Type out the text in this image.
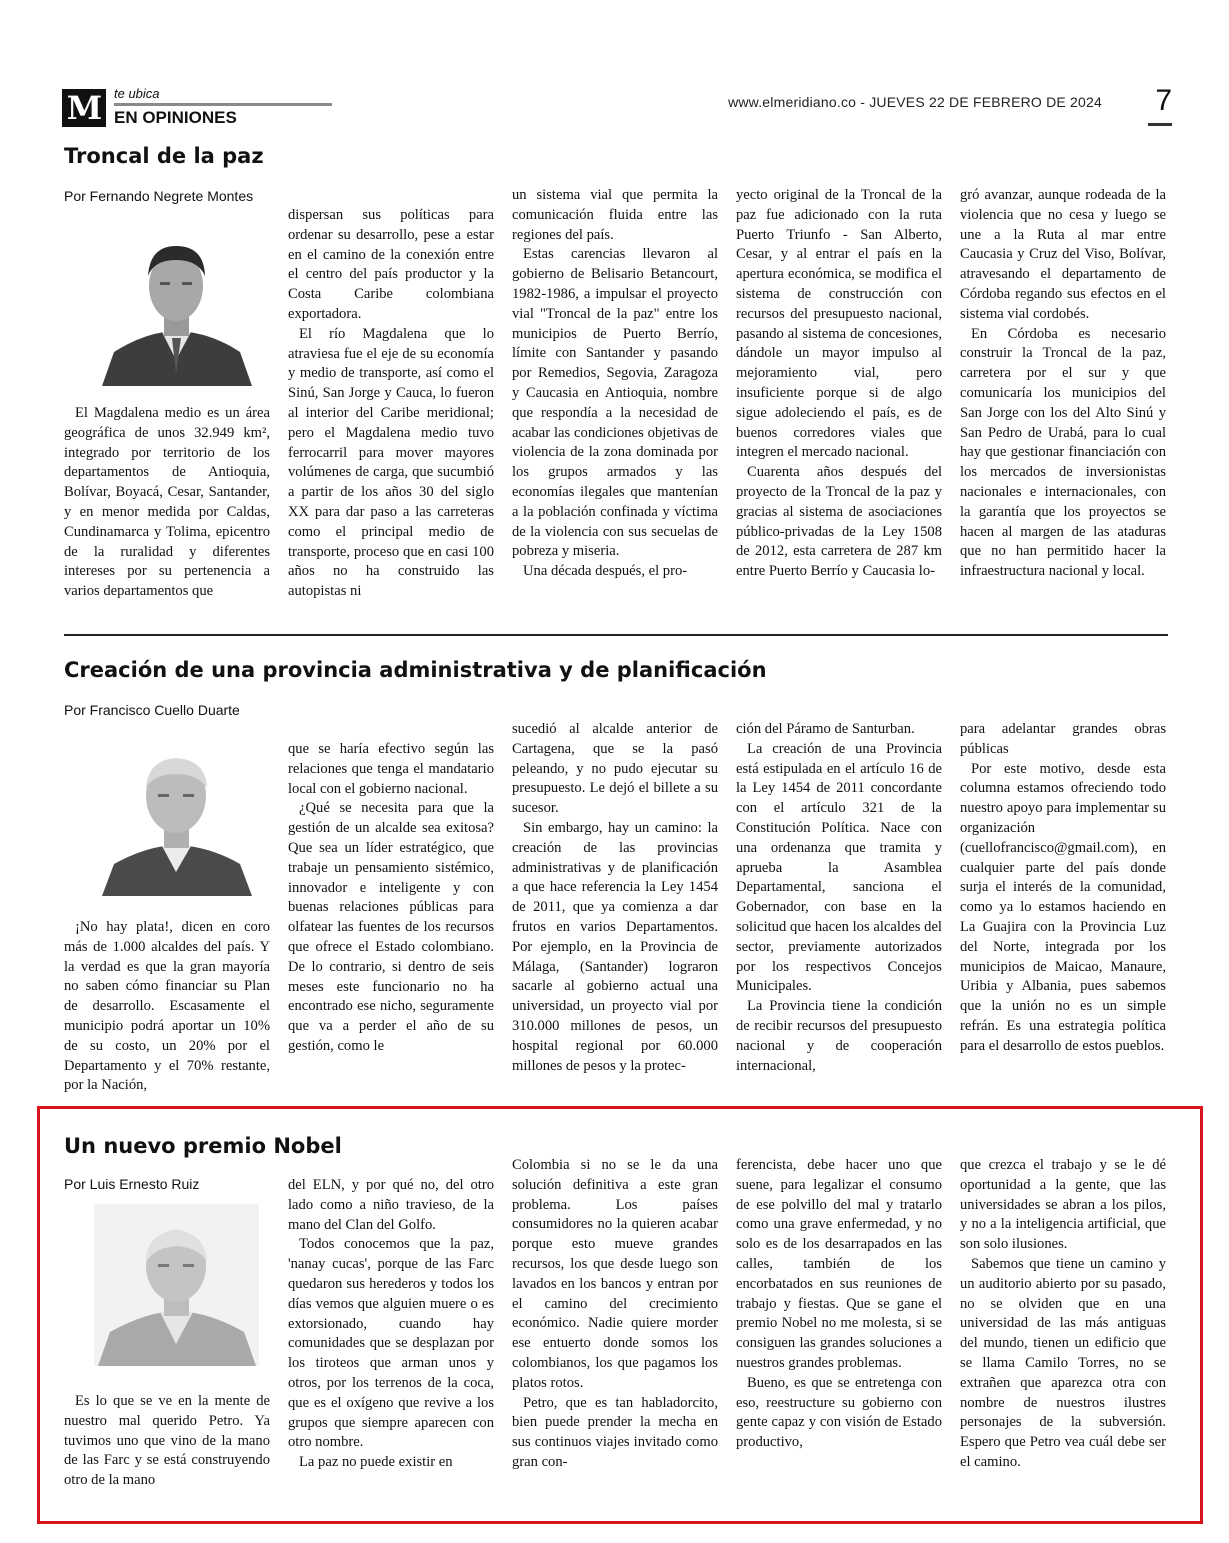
M te ubica
EN OPINIONES
www.elmeridiano.co - JUEVES 22 DE FEBRERO DE 2024 7
Troncal de la paz
Por Fernando Negrete Montes

El Magdalena medio es un área geográfica de unos 32.949 km², integrado por territorio de los departamentos de Antioquia, Bolívar, Boyacá, Cesar, Santander, y en menor medida por Caldas, Cundinamarca y Tolima, epicentro de la ruralidad y diferentes intereses por su pertenencia a varios departamentos que

dispersan sus políticas para ordenar su desarrollo, pese a estar en el camino de la conexión entre el centro del país productor y la Costa Caribe colombiana exportadora.

El río Magdalena que lo atraviesa fue el eje de su economía y medio de transporte, así como el Sinú, San Jorge y Cauca, lo fueron al interior del Caribe meridional; pero el Magdalena medio tuvo ferrocarril para mover mayores volúmenes de carga, que sucumbió a partir de los años 30 del siglo XX para dar paso a las carreteras como el principal medio de transporte, proceso que en casi 100 años no ha construido las autopistas ni

un sistema vial que permita la comunicación fluida entre las regiones del país.

Estas carencias llevaron al gobierno de Belisario Betancourt, 1982-1986, a impulsar el proyecto vial "Troncal de la paz" entre los municipios de Puerto Berrío, límite con Santander y pasando por Remedios, Segovia, Zaragoza y Caucasia en Antioquia, nombre que respondía a la necesidad de acabar las condiciones objetivas de violencia de la zona dominada por los grupos armados y las economías ilegales que mantenían a la población confinada y víctima de la violencia con sus secuelas de pobreza y miseria.

Una década después, el pro-

yecto original de la Troncal de la paz fue adicionado con la ruta Puerto Triunfo - San Alberto, Cesar, y al entrar el país en la apertura económica, se modifica el sistema de construcción con recursos del presupuesto nacional, pasando al sistema de concesiones, dándole un mayor impulso al mejoramiento vial, pero insuficiente porque si de algo sigue adoleciendo el país, es de buenos corredores viales que integren el mercado nacional.

Cuarenta años después del proyecto de la Troncal de la paz y gracias al sistema de asociaciones público-privadas de la Ley 1508 de 2012, esta carretera de 287 km entre Puerto Berrío y Caucasia lo-

gró avanzar, aunque rodeada de la violencia que no cesa y luego se une a la Ruta al mar entre Caucasia y Cruz del Viso, Bolívar, atravesando el departamento de Córdoba regando sus efectos en el sistema vial cordobés.

En Córdoba es necesario construir la Troncal de la paz, carretera por el sur y que comunicaría los municipios del San Jorge con los del Alto Sinú y San Pedro de Urabá, para lo cual hay que gestionar financiación con los mercados de inversionistas nacionales e internacionales, con la garantía que los proyectos se hacen al margen de las ataduras que no han permitido hacer la infraestructura nacional y local.

Creación de una provincia administrativa y de planificación
Por Francisco Cuello Duarte

¡No hay plata!, dicen en coro más de 1.000 alcaldes del país. Y la verdad es que la gran mayoría no saben cómo financiar su Plan de desarrollo. Escasamente el municipio podrá aportar un 10% de su costo, un 20% por el Departamento y el 70% restante, por la Nación,

que se haría efectivo según las relaciones que tenga el mandatario local con el gobierno nacional.

¿Qué se necesita para que la gestión de un alcalde sea exitosa? Que sea un líder estratégico, que trabaje un pensamiento sistémico, innovador e inteligente y con buenas relaciones públicas para olfatear las fuentes de los recursos que ofrece el Estado colombiano. De lo contrario, si dentro de seis meses este funcionario no ha encontrado ese nicho, seguramente que va a perder el año de su gestión, como le

sucedió al alcalde anterior de Cartagena, que se la pasó peleando, y no pudo ejecutar su presupuesto. Le dejó el billete a su sucesor.

Sin embargo, hay un camino: la creación de las provincias administrativas y de planificación a que hace referencia la Ley 1454 de 2011, que ya comienza a dar frutos en varios Departamentos. Por ejemplo, en la Provincia de Málaga, (Santander) lograron sacarle al gobierno actual una universidad, un proyecto vial por 310.000 millones de pesos, un hospital regional por 60.000 millones de pesos y la protec-

ción del Páramo de Santurban.

La creación de una Provincia está estipulada en el artículo 16 de la Ley 1454 de 2011 concordante con el artículo 321 de la Constitución Política. Nace con una ordenanza que tramita y aprueba la Asamblea Departamental, sanciona el Gobernador, con base en la solicitud que hacen los alcaldes del sector, previamente autorizados por los respectivos Concejos Municipales.

La Provincia tiene la condición de recibir recursos del presupuesto nacional y de cooperación internacional,

para adelantar grandes obras públicas

Por este motivo, desde esta columna estamos ofreciendo todo nuestro apoyo para implementar su organización (cuellofrancisco@gmail.com), en cualquier parte del país donde surja el interés de la comunidad, como ya lo estamos haciendo en La Guajira con la Provincia Luz del Norte, integrada por los municipios de Maicao, Manaure, Uribia y Albania, pues sabemos que la unión no es un simple refrán. Es una estrategia política para el desarrollo de estos pueblos.

Un nuevo premio Nobel
Por Luis Ernesto Ruiz

Es lo que se ve en la mente de nuestro mal querido Petro. Ya tuvimos uno que vino de la mano de las Farc y se está construyendo otro de la mano

del ELN, y por qué no, del otro lado como a niño travieso, de la mano del Clan del Golfo.

Todos conocemos que la paz, 'nanay cucas', porque de las Farc quedaron sus herederos y todos los días vemos que alguien muere o es extorsionado, cuando hay comunidades que se desplazan por los tiroteos que arman unos y otros, por los terrenos de la coca, que es el oxígeno que revive a los grupos que siempre aparecen con otro nombre.

La paz no puede existir en

Colombia si no se le da una solución definitiva a este gran problema. Los países consumidores no la quieren acabar porque esto mueve grandes recursos, los que desde luego son lavados en los bancos y entran por el camino del crecimiento económico. Nadie quiere morder ese entuerto donde somos los colombianos, los que pagamos los platos rotos.

Petro, que es tan habladorcito, bien puede prender la mecha en sus continuos viajes invitado como gran con-

ferencista, debe hacer uno que suene, para legalizar el consumo de ese polvillo del mal y tratarlo como una grave enfermedad, y no solo es de los desarrapados en las calles, también de los encorbatados en sus reuniones de trabajo y fiestas. Que se gane el premio Nobel no me molesta, si se consiguen las grandes soluciones a nuestros grandes problemas.

Bueno, es que se entretenga con eso, reestructure su gobierno con gente capaz y con visión de Estado productivo,

que crezca el trabajo y se le dé oportunidad a la gente, que las universidades se abran a los pilos, y no a la inteligencia artificial, que son solo ilusiones.

Sabemos que tiene un camino y un auditorio abierto por su pasado, no se olviden que en una universidad de las más antiguas del mundo, tienen un edificio que se llama Camilo Torres, no se extrañen que aparezca otra con nombre de nuestros ilustres personajes de la subversión. Espero que Petro vea cuál debe ser el camino.
